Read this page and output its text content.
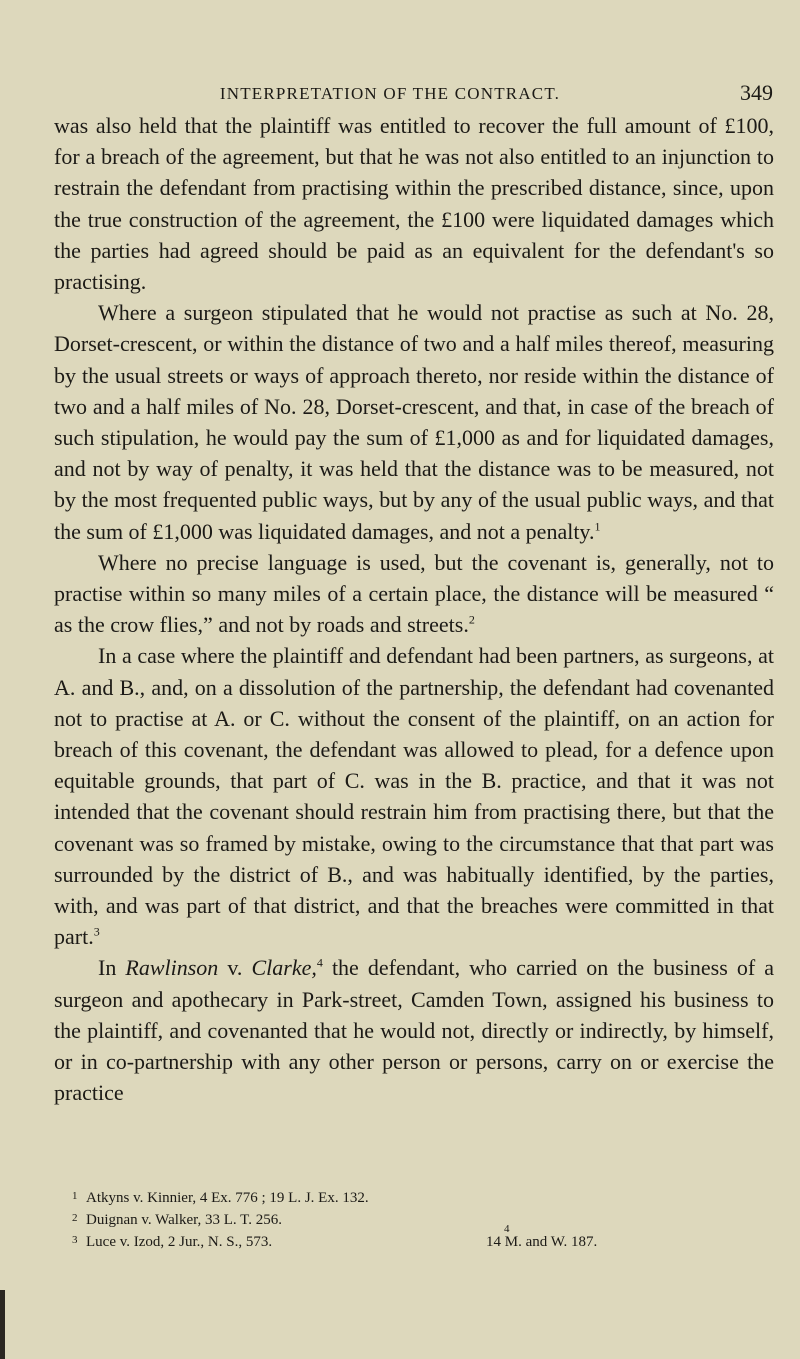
INTERPRETATION OF THE CONTRACT.	349

was also held that the plaintiff was entitled to recover the full amount of £100, for a breach of the agreement, but that he was not also entitled to an injunction to restrain the defendant from practising within the prescribed distance, since, upon the true construction of the agreement, the £100 were liquidated damages which the parties had agreed should be paid as an equivalent for the defendant's so practising.

Where a surgeon stipulated that he would not practise as such at No. 28, Dorset-crescent, or within the distance of two and a half miles thereof, measuring by the usual streets or ways of approach thereto, nor reside within the distance of two and a half miles of No. 28, Dorset-crescent, and that, in case of the breach of such stipulation, he would pay the sum of £1,000 as and for liquidated damages, and not by way of penalty, it was held that the distance was to be measured, not by the most frequented public ways, but by any of the usual public ways, and that the sum of £1,000 was liquidated damages, and not a penalty.$^1$

Where no precise language is used, but the covenant is, generally, not to practise within so many miles of a certain place, the distance will be measured “ as the crow flies,” and not by roads and streets.$^2$

In a case where the plaintiff and defendant had been partners, as surgeons, at A. and B., and, on a dissolution of the partnership, the defendant had covenanted not to practise at A. or C. without the consent of the plaintiff, on an action for breach of this covenant, the defendant was allowed to plead, for a defence upon equitable grounds, that part of C. was in the B. practice, and that it was not intended that the covenant should restrain him from practising there, but that the covenant was so framed by mistake, owing to the circumstance that that part was surrounded by the district of B., and was habitually identified, by the parties, with, and was part of that district, and that the breaches were committed in that part.$^3$

In Rawlinson v. Clarke,$^4$ the defendant, who carried on the business of a surgeon and apothecary in Park-street, Camden Town, assigned his business to the plaintiff, and covenanted that he would not, directly or indirectly, by himself, or in co-partnership with any other person or persons, carry on or exercise the practice

1 Atkyns v. Kinnier, 4 Ex. 776 ; 19 L. J. Ex. 132.
2 Duignan v. Walker, 33 L. T. 256.
3 Luce v. Izod, 2 Jur., N. S., 573.
4
14 M. and W. 187.
